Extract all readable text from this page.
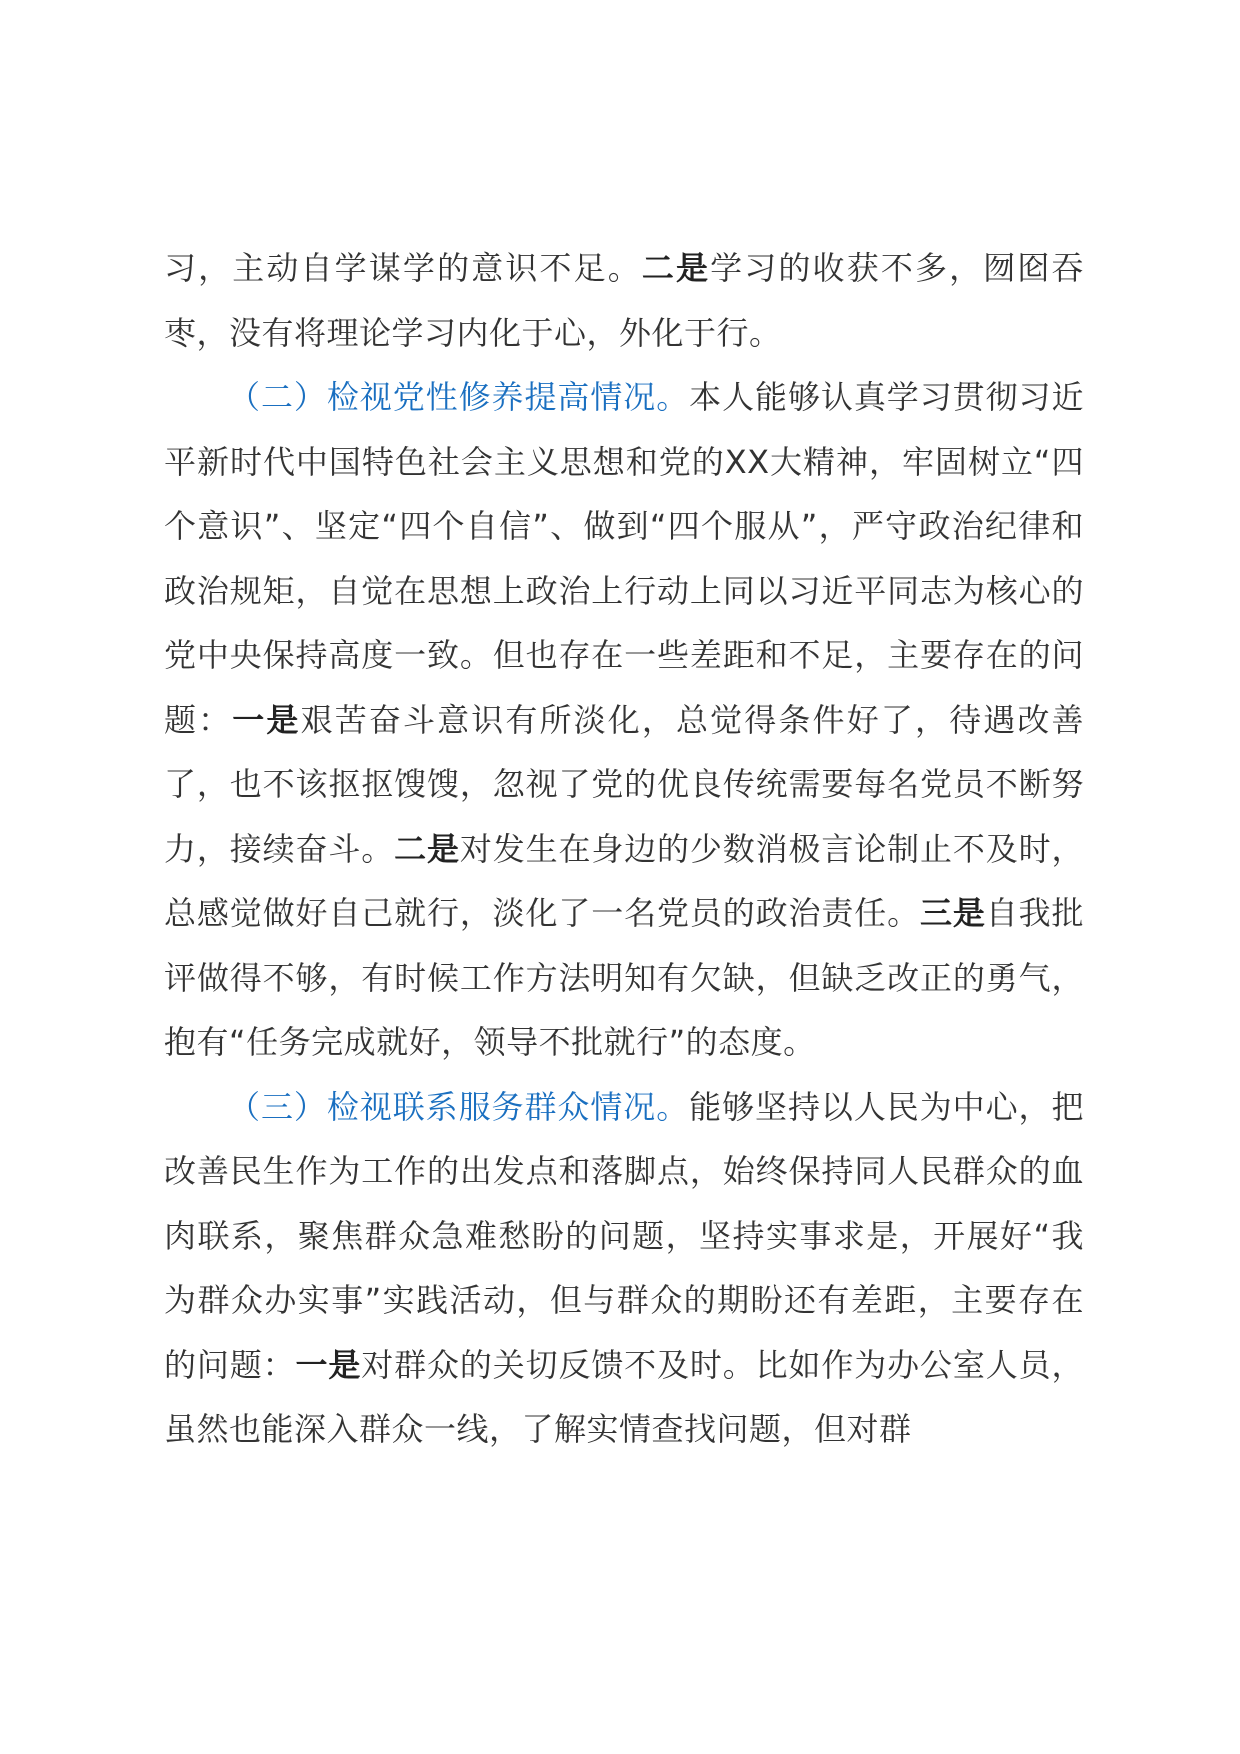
习，主动自学谋学的意识不足。二是学习的收获不多，囫囵吞枣，没有将理论学习内化于心，外化于行。

（二）检视党性修养提高情况。本人能够认真学习贯彻习近平新时代中国特色社会主义思想和党的XX大精神，牢固树立“四个意识”、坚定“四个自信”、做到“四个服从”，严守政治纪律和政治规矩，自觉在思想上政治上行动上同以习近平同志为核心的党中央保持高度一致。但也存在一些差距和不足，主要存在的问题：一是艰苦奋斗意识有所淡化，总觉得条件好了，待遇改善了，也不该抠抠馊馊，忽视了党的优良传统需要每名党员不断努力，接续奋斗。二是对发生在身边的少数消极言论制止不及时，总感觉做好自己就行，淡化了一名党员的政治责任。三是自我批评做得不够，有时候工作方法明知有欠缺，但缺乏改正的勇气，抱有“任务完成就好，领导不批就行”的态度。

（三）检视联系服务群众情况。能够坚持以人民为中心，把改善民生作为工作的出发点和落脚点，始终保持同人民群众的血肉联系，聚焦群众急难愁盼的问题，坚持实事求是，开展好“我为群众办实事”实践活动，但与群众的期盼还有差距，主要存在的问题：一是对群众的关切反馈不及时。比如作为办公室人员，虽然也能深入群众一线，了解实情查找问题，但对群
